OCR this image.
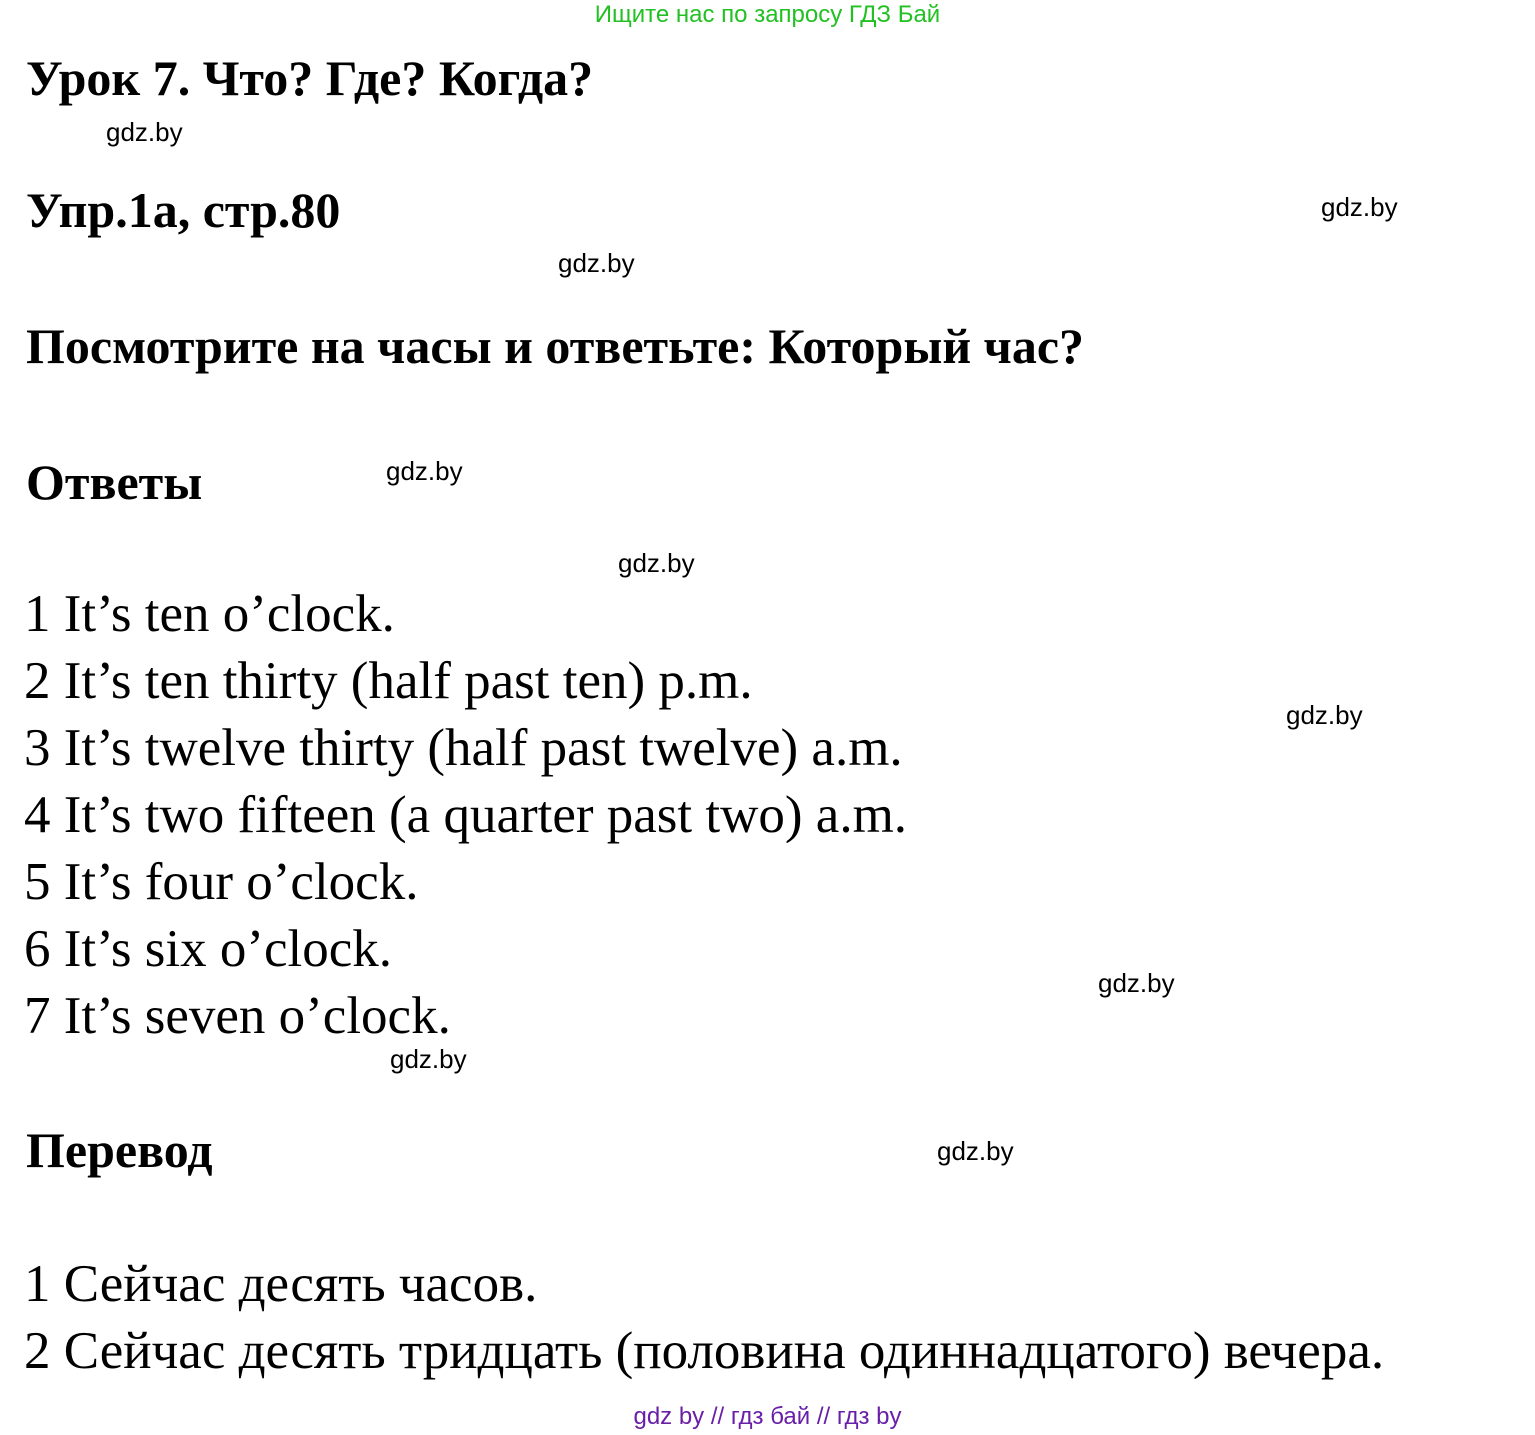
Ищите нас по запросу ГДЗ Бай

Урок 7. Что? Где? Когда?
gdz.by
Упр.1а, стр.80	gdz.by
gdz.by
Посмотрите на часы и ответьте: Который час?
Ответы	gdz.by
gdz.by
1 It’s ten o’clock.
2 It’s ten thirty (half past ten) p.m.
3 It’s twelve thirty (half past twelve) a.m.
4 It’s two fifteen (a quarter past two) a.m.
5 It’s four o’clock.
6 It’s six o’clock.
7 It’s seven o’clock.
gdz.by
gdz.by
gdz.by
Перевод	gdz.by
1 Сейчас десять часов.
2 Сейчас десять тридцать (половина одиннадцатого) вечера.

gdz by // гдз бай // гдз by
